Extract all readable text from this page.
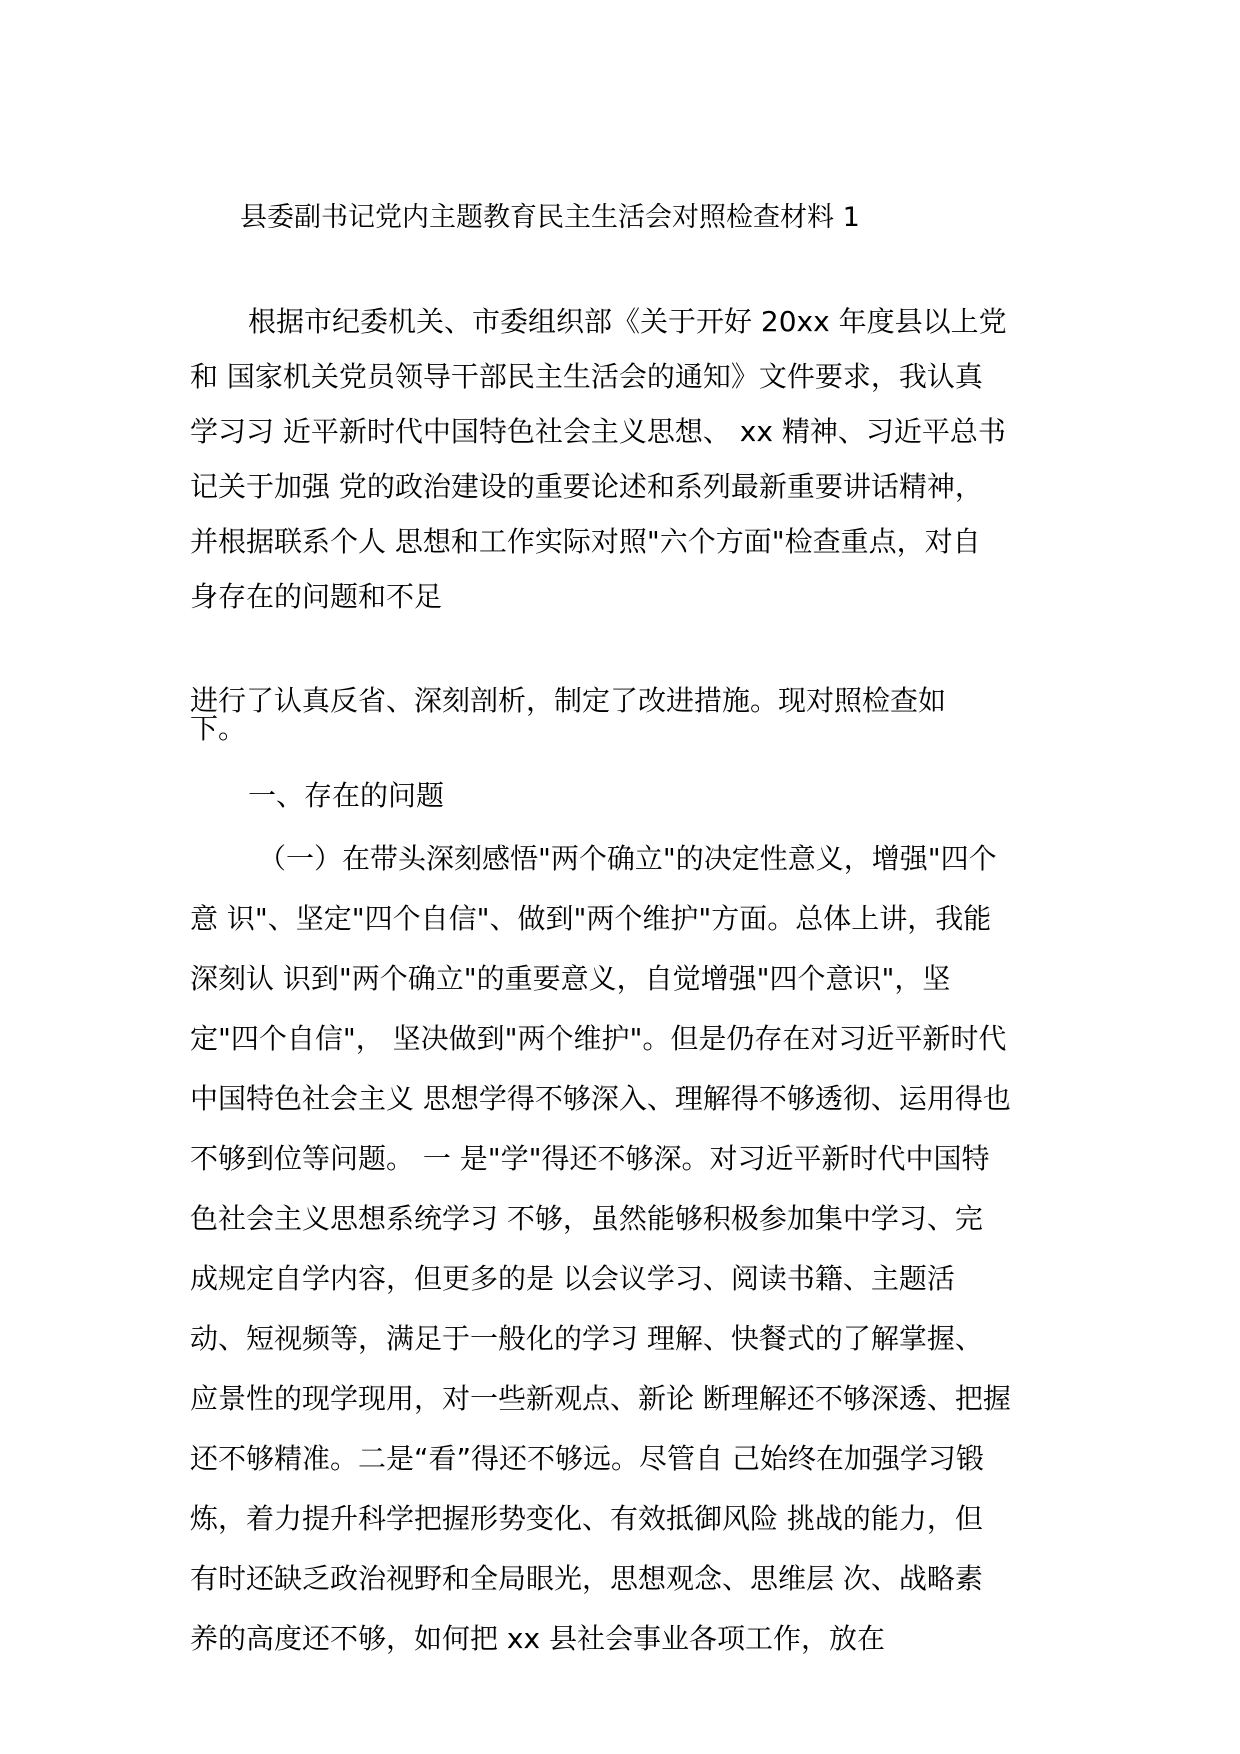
县委副书记党内主题教育民主生活会对照检查材料 1
根据市纪委机关、市委组织部《关于开好 20xx 年度县以上党
和 国家机关党员领导干部民主生活会的通知》文件要求，我认真
学习习 近平新时代中国特色社会主义思想、 xx 精神、习近平总书
记关于加强 党的政治建设的重要论述和系列最新重要讲话精神，
并根据联系个人 思想和工作实际对照"六个方面"检查重点，对自
身存在的问题和不足
进行了认真反省、深刻剖析，制定了改进措施。现对照检查如
下。
一、存在的问题
（一）在带头深刻感悟"两个确立"的决定性意义，增强"四个
意 识"、坚定"四个自信"、做到"两个维护"方面。总体上讲，我能
深刻认 识到"两个确立"的重要意义，自觉增强"四个意识"，坚
定"四个自信"， 坚决做到"两个维护"。但是仍存在对习近平新时代
中国特色社会主义 思想学得不够深入、理解得不够透彻、运用得也
不够到位等问题。 一 是"学"得还不够深。对习近平新时代中国特
色社会主义思想系统学习 不够，虽然能够积极参加集中学习、完
成规定自学内容，但更多的是 以会议学习、阅读书籍、主题活
动、短视频等，满足于一般化的学习 理解、快餐式的了解掌握、
应景性的现学现用，对一些新观点、新论 断理解还不够深透、把握
还不够精准。二是“看”得还不够远。尽管自 己始终在加强学习锻
炼，着力提升科学把握形势变化、有效抵御风险 挑战的能力，但
有时还缺乏政治视野和全局眼光，思想观念、思维层 次、战略素
养的高度还不够，如何把 xx 县社会事业各项工作，放在
